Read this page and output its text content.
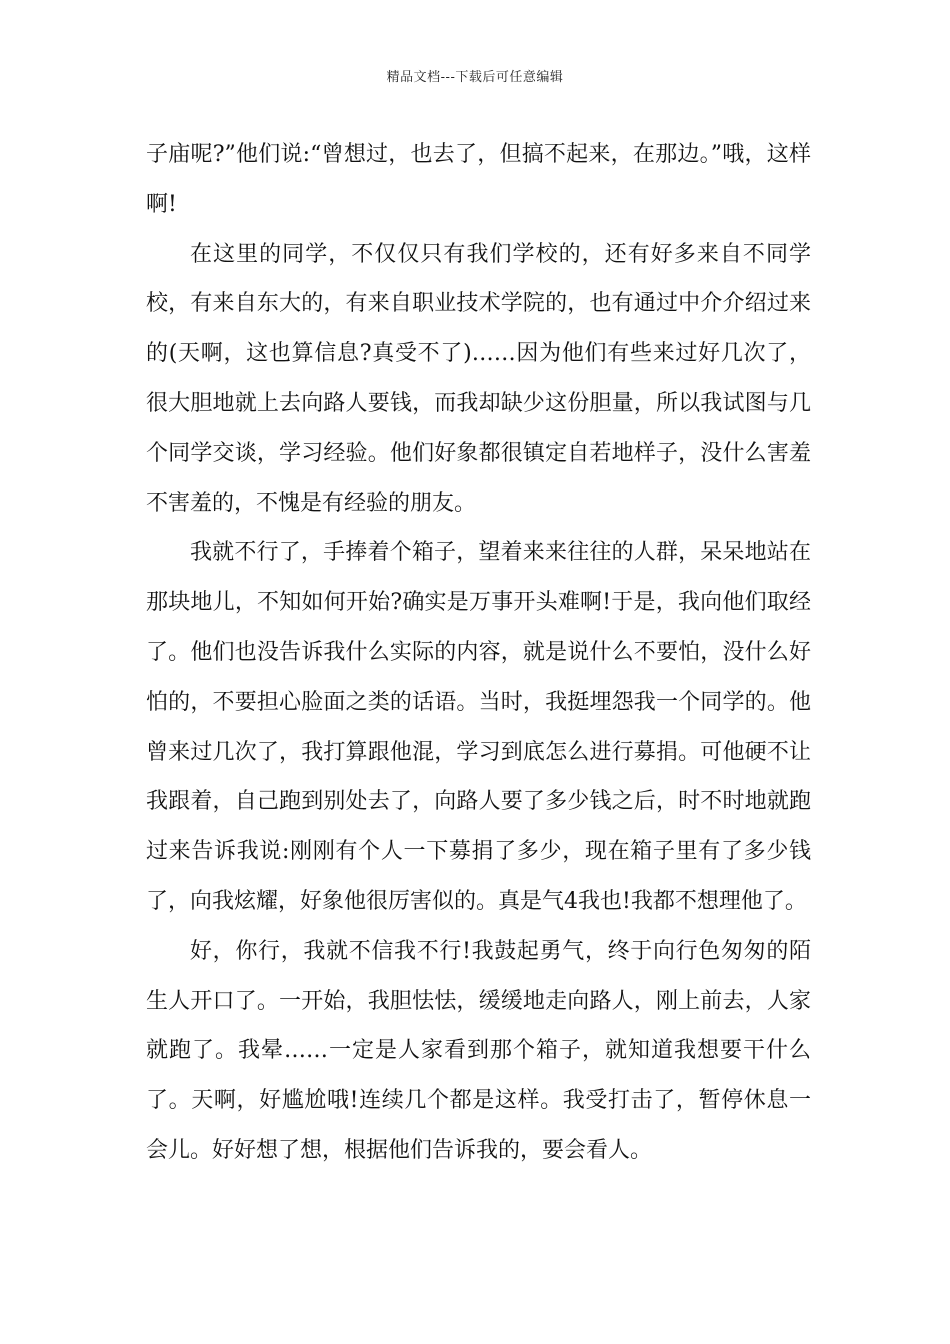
精品文档---下载后可任意编辑

子庙呢?”他们说:“曾想过，也去了，但搞不起来，在那边。”哦，这样啊!

在这里的同学，不仅仅只有我们学校的，还有好多来自不同学校，有来自东大的，有来自职业技术学院的，也有通过中介介绍过来的(天啊，这也算信息?真受不了)……因为他们有些来过好几次了，很大胆地就上去向路人要钱，而我却缺少这份胆量，所以我试图与几个同学交谈，学习经验。他们好象都很镇定自若地样子，没什么害羞不害羞的，不愧是有经验的朋友。

我就不行了，手捧着个箱子，望着来来往往的人群，呆呆地站在那块地儿，不知如何开始?确实是万事开头难啊!于是，我向他们取经了。他们也没告诉我什么实际的内容，就是说什么不要怕，没什么好怕的，不要担心脸面之类的话语。当时，我挺埋怨我一个同学的。他曾来过几次了，我打算跟他混，学习到底怎么进行募捐。可他硬不让我跟着，自己跑到别处去了，向路人要了多少钱之后，时不时地就跑过来告诉我说:刚刚有个人一下募捐了多少，现在箱子里有了多少钱了，向我炫耀，好象他很厉害似的。真是气4我也!我都不想理他了。

好，你行，我就不信我不行!我鼓起勇气，终于向行色匆匆的陌生人开口了。一开始，我胆怯怯，缓缓地走向路人，刚上前去，人家就跑了。我晕……一定是人家看到那个箱子，就知道我想要干什么了。天啊，好尴尬哦!连续几个都是这样。我受打击了，暂停休息一会儿。好好想了想，根据他们告诉我的，要会看人。
